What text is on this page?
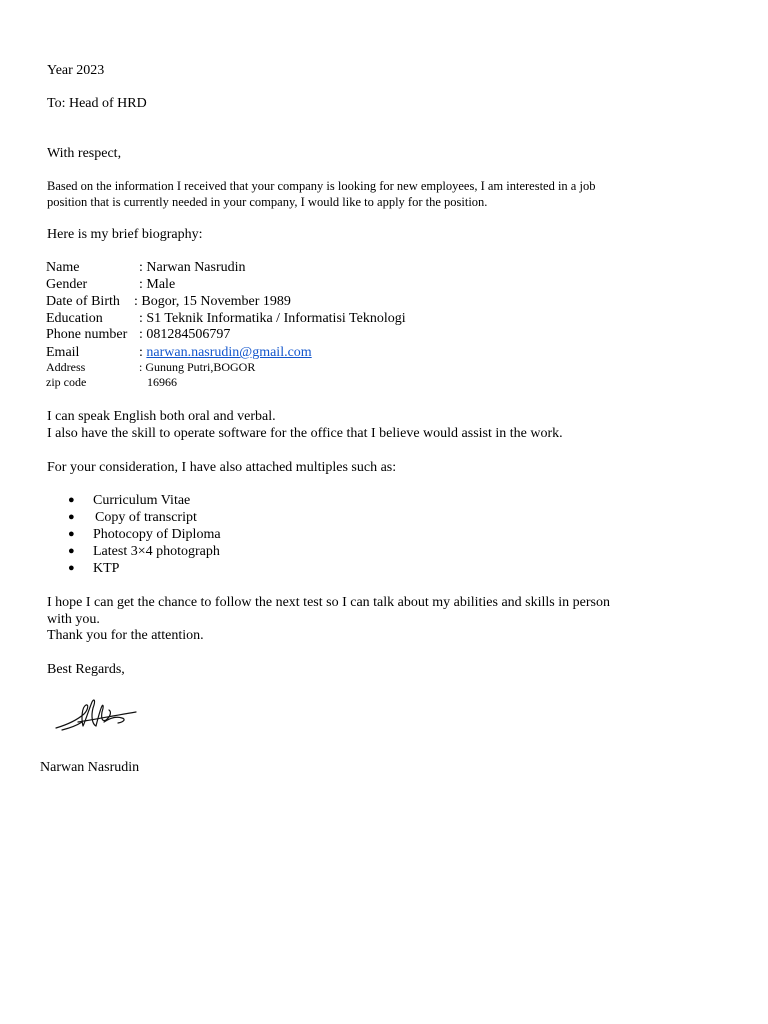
Year 2023
To: Head of HRD
With respect,
Based on the information I received that your company is looking for new employees, I am interested in a job
position that is currently needed in your company, I would like to apply for the position.
Here is my brief biography:
Name	: Narwan Nasrudin
Gender	: Male
Date of Birth : Bogor, 15 November 1989
Education	: S1 Teknik Informatika / Informatisi Teknologi
Phone number : 081284506797
Email	: narwan.nasrudin@gmail.com
Address	: Gunung Putri,BOGOR
zip code	16966
I can speak English both oral and verbal.
I also have the skill to operate software for the office that I believe would assist in the work.
For your consideration, I have also attached multiples such as:
● Curriculum Vitae
● Copy of transcript
● Photocopy of Diploma
● Latest 3×4 photograph
● KTP
I hope I can get the chance to follow the next test so I can talk about my abilities and skills in person
with you.
Thank you for the attention.
Best Regards,
Narwan Nasrudin
